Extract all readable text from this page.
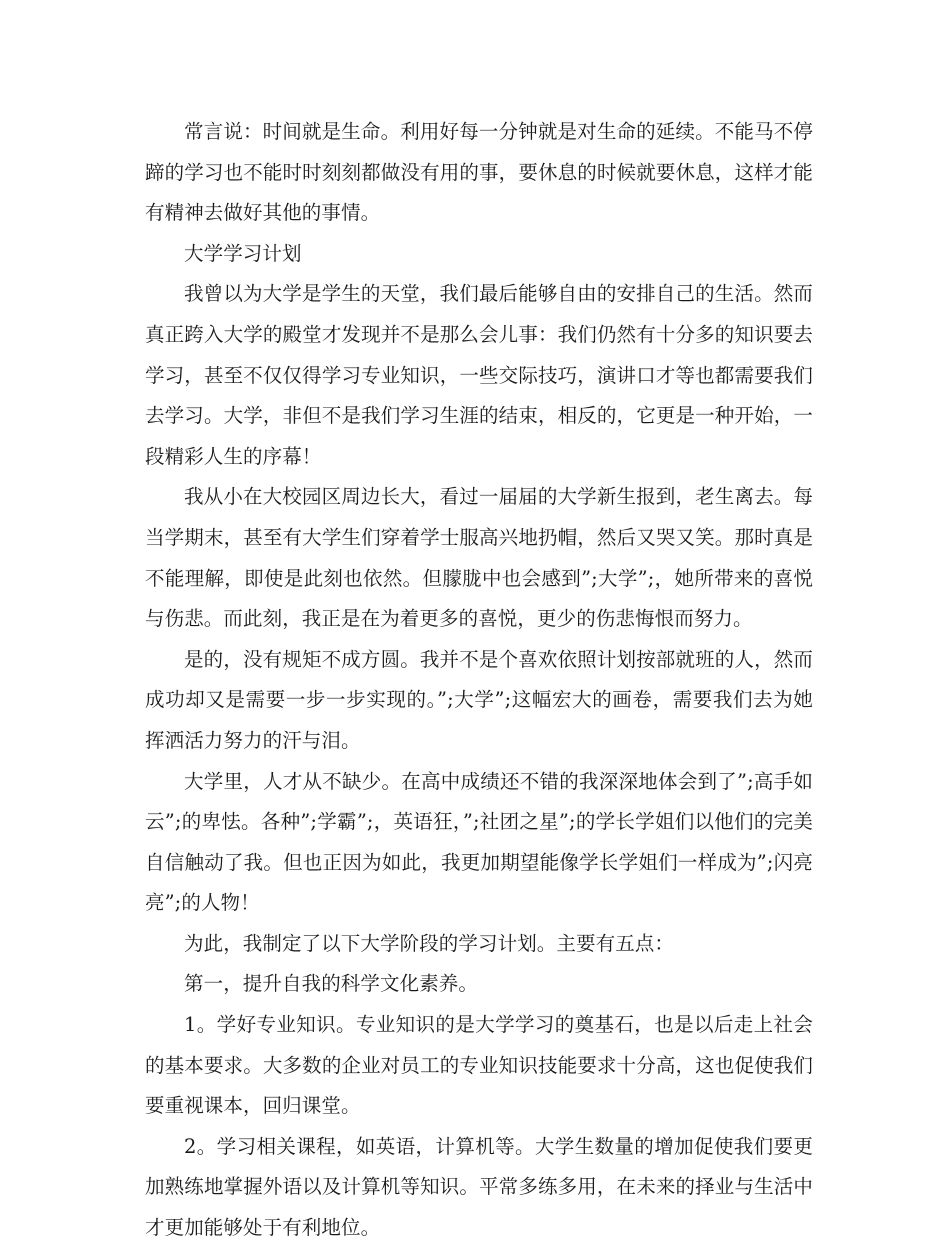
常言说：时间就是生命。利用好每一分钟就是对生命的延续。不能马不停蹄的学习也不能时时刻刻都做没有用的事，要休息的时候就要休息，这样才能有精神去做好其他的事情。

大学学习计划

我曾以为大学是学生的天堂，我们最后能够自由的安排自己的生活。然而真正跨入大学的殿堂才发现并不是那么会儿事：我们仍然有十分多的知识要去学习，甚至不仅仅得学习专业知识，一些交际技巧，演讲口才等也都需要我们去学习。大学，非但不是我们学习生涯的结束，相反的，它更是一种开始，一段精彩人生的序幕！

我从小在大校园区周边长大，看过一届届的大学新生报到，老生离去。每当学期末，甚至有大学生们穿着学士服高兴地扔帽，然后又哭又笑。那时真是不能理解，即使是此刻也依然。但朦胧中也会感到”;大学”;，她所带来的喜悦与伤悲。而此刻，我正是在为着更多的喜悦，更少的伤悲悔恨而努力。

是的，没有规矩不成方圆。我并不是个喜欢依照计划按部就班的人，然而成功却又是需要一步一步实现的。”;大学”;这幅宏大的画卷，需要我们去为她挥洒活力努力的汗与泪。

大学里，人才从不缺少。在高中成绩还不错的我深深地体会到了”;高手如云”;的卑怯。各种”;学霸”;，英语狂，”;社团之星”;的学长学姐们以他们的完美自信触动了我。但也正因为如此，我更加期望能像学长学姐们一样成为”;闪亮亮”;的人物！

为此，我制定了以下大学阶段的学习计划。主要有五点：

第一，提升自我的科学文化素养。

1。学好专业知识。专业知识的是大学学习的奠基石，也是以后走上社会的基本要求。大多数的企业对员工的专业知识技能要求十分高，这也促使我们要重视课本，回归课堂。

2。学习相关课程，如英语，计算机等。大学生数量的增加促使我们要更加熟练地掌握外语以及计算机等知识。平常多练多用，在未来的择业与生活中才更加能够处于有利地位。
